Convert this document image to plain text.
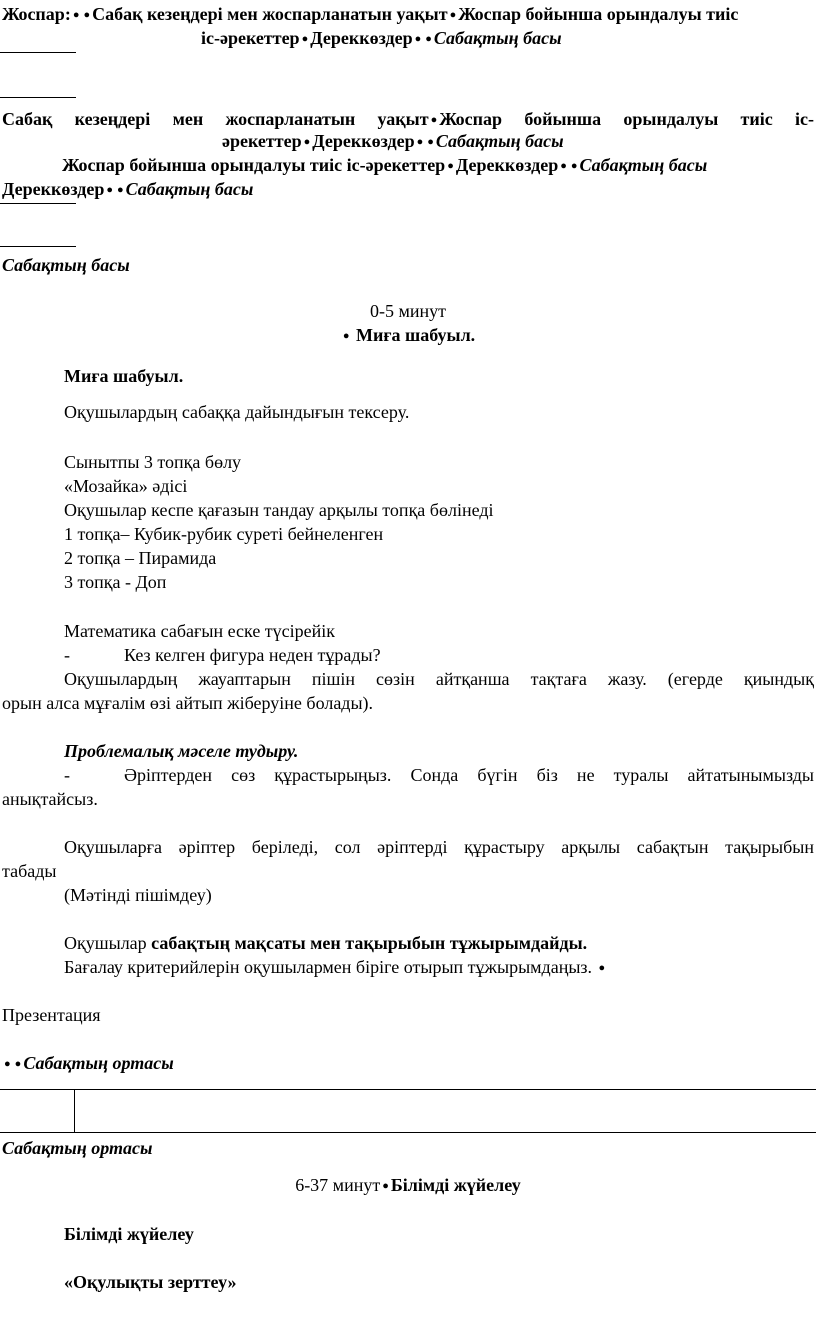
Жоспар: ● ● Сабақ кезеңдері мен жоспарланатын уақыт ● Жоспар бойынша орындалуы тиіс
іс-әрекеттер ● Дереккөздер ● ● Сабақтың басы
Сабақ кезеңдері мен жоспарланатын уақыт ● Жоспар бойынша орындалуы тиіс іс-
әрекеттер ● Дереккөздер ● ● Сабақтың басы
Жоспар бойынша орындалуы тиіс іс-әрекеттер ● Дереккөздер ● ● Сабақтың басы
Дереккөздер ● ● Сабақтың басы
Сабақтың басы
0-5 минут
● Миға шабуыл.
Миға шабуыл.
Оқушылардың сабаққа дайындығын тексеру.
Сынытпы 3 топқа бөлу
«Мозайка» әдісі
Оқушылар кеспе қағазын тандау арқылы топқа бөлінеді
1 топқа– Кубик-рубик суреті бейнеленген
2 топқа – Пирамида
3 топқа - Доп
Математика сабағын еске түсірейік
-	Кез келген фигура неден тұрады?
Оқушылардың жауаптарын пішін сөзін айтқанша тақтаға жазу. (егерде қиындық
орын алса мұғалім өзі айтып жіберуіне болады).
Проблемалық мәселе тудыру.
-	Әріптерден сөз құрастырыңыз. Сонда бүгін біз не туралы айтатынымызды
анықтайсыз.
Оқушыларға әріптер беріледі, сол әріптерді құрастыру арқылы сабақтын тақырыбын
табады
(Мәтінді пішімдеу)
Оқушылар сабақтың мақсаты мен тақырыбын тұжырымдайды.
Бағалау критерийлерін оқушылармен біріге отырып тұжырымдаңыз. ●
Презентация
● ● Сабақтың ортасы
Сабақтың ортасы
6-37 минут ● Білімді жүйелеу
Білімді жүйелеу
«Оқулықты зерттеу»
